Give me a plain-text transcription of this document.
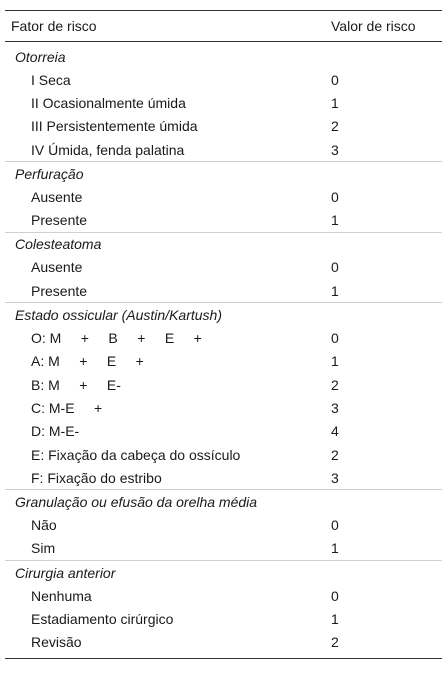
Fator de risco	Valor de risco
Otorreia
I Seca	0
II Ocasionalmente úmida	1
III Persistentemente úmida	2
IV Úmida, fenda palatina	3
Perfuração
Ausente	0
Presente	1
Colesteatoma
Ausente	0
Presente	1
Estado ossicular (Austin/Kartush)
O: M     +     B     +     E     +	0
A: M     +     E     +	1
B: M     +     E-	2
C: M-E     +	3
D: M-E-	4
E: Fixação da cabeça do ossículo	2
F: Fixação do estribo	3
Granulação ou efusão da orelha média
Não	0
Sim	1
Cirurgia anterior
Nenhuma	0
Estadiamento cirúrgico	1
Revisão	2
